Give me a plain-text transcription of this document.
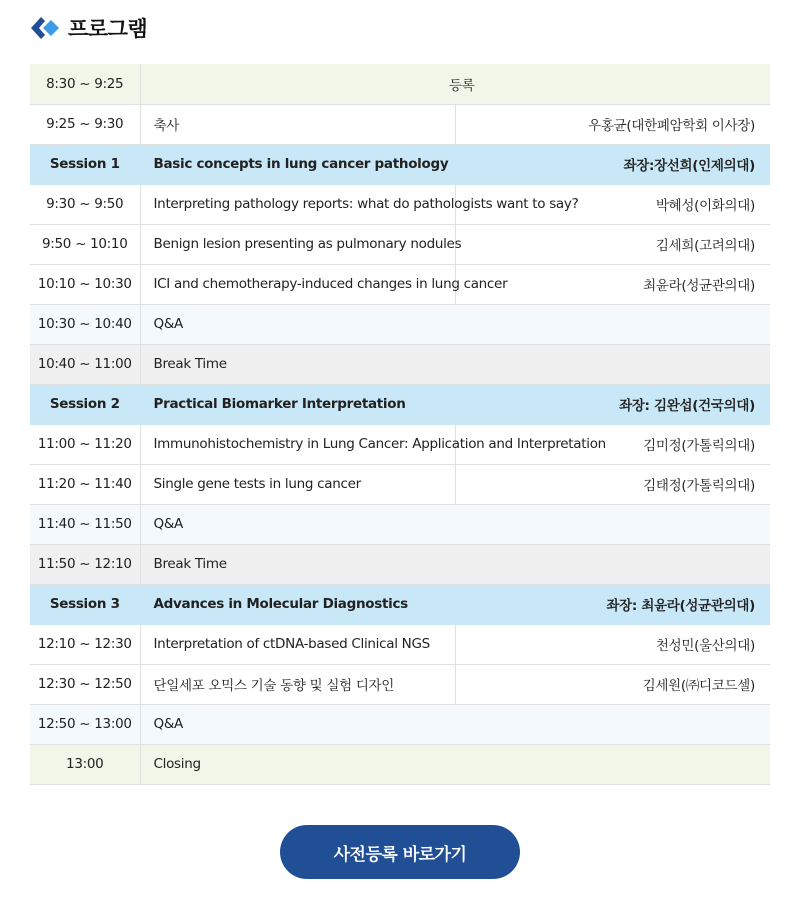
프로그램
8:30 ~ 9:25	등록	
9:25 ~ 9:30	축사	우홍균(대한폐암학회 이사장)
Session 1	Basic concepts in lung cancer pathology	좌장:장선희(인제의대)
9:30 ~ 9:50	Interpreting pathology reports: what do pathologists want to say?	박혜성(이화의대)
9:50 ~ 10:10	Benign lesion presenting as pulmonary nodules	김세희(고려의대)
10:10 ~ 10:30	ICI and chemotherapy-induced changes in lung cancer	최윤라(성균관의대)
10:30 ~ 10:40	Q&A	
10:40 ~ 11:00	Break Time	
Session 2	Practical Biomarker Interpretation	좌장: 김완섭(건국의대)
11:00 ~ 11:20	Immunohistochemistry in Lung Cancer: Application and Interpretation	김미정(가톨릭의대)
11:20 ~ 11:40	Single gene tests in lung cancer	김태정(가톨릭의대)
11:40 ~ 11:50	Q&A	
11:50 ~ 12:10	Break Time	
Session 3	Advances in Molecular Diagnostics	좌장: 최윤라(성균관의대)
12:10 ~ 12:30	Interpretation of ctDNA-based Clinical NGS	천성민(울산의대)
12:30 ~ 12:50	단일세포 오믹스 기술 동향 및 실험 디자인	김세원(㈜디코드셀)
12:50 ~ 13:00	Q&A	
13:00	Closing	
사전등록 바로가기
